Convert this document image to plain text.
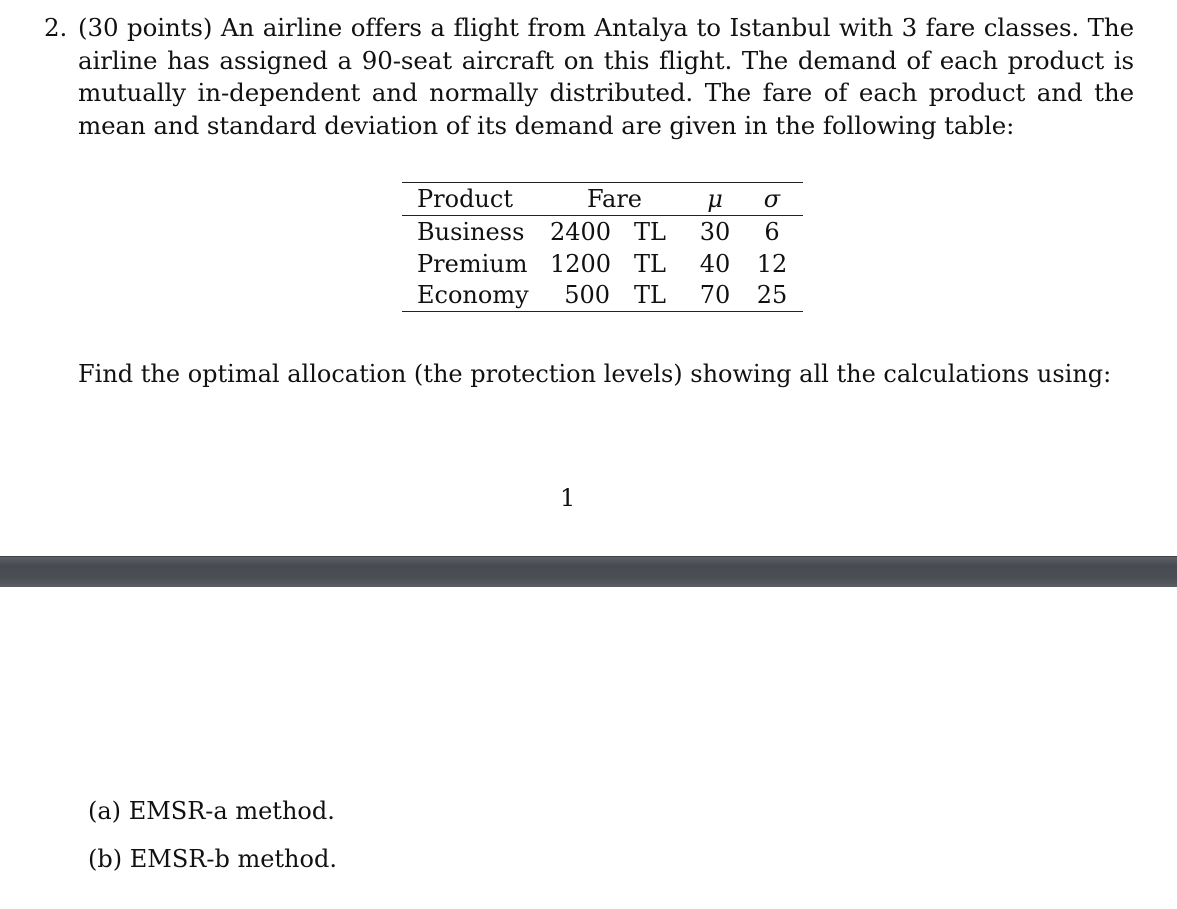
2. (30 points) An airline offers a flight from Antalya to Istanbul with 3 fare classes. The airline has assigned a 90-seat aircraft on this flight. The demand of each product is mutually in-dependent and normally distributed. The fare of each product and the mean and standard deviation of its demand are given in the following table:
Product	Fare	μ	σ
Business 2400 TL 30	6
Premium 1200 TL 40 12
Economy	500 TL 70 25
Find the optimal allocation (the protection levels) showing all the calculations using:
1
(a) EMSR-a method.
(b) EMSR-b method.
